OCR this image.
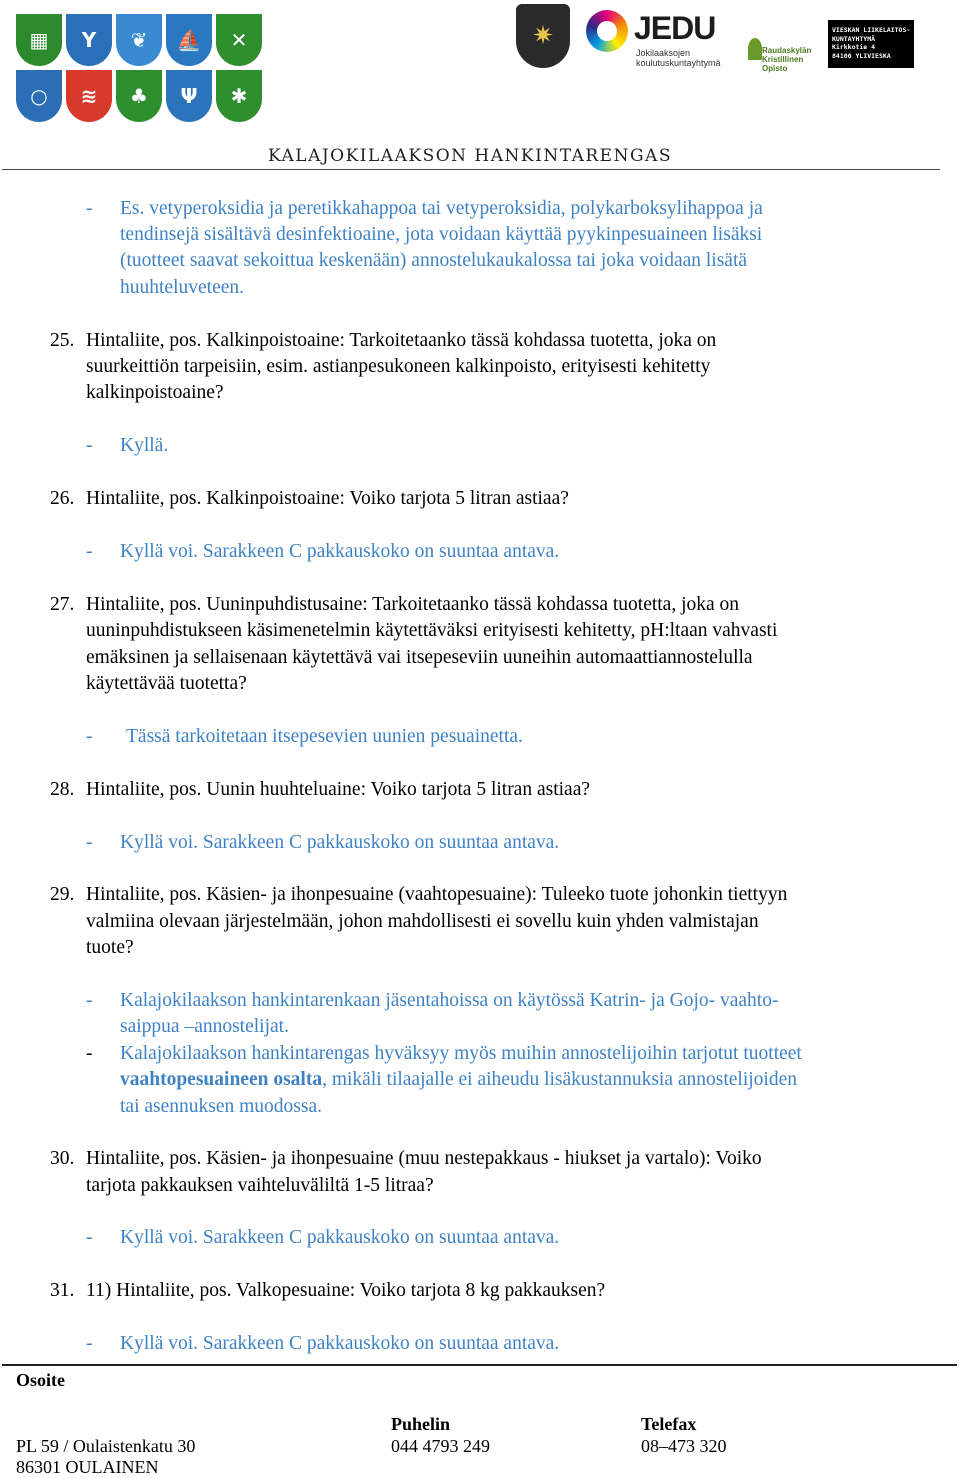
▦	Y	❦	⛵	✕
○	≋	♣	Ψ	✱
✷	JEDU
Jokilaaksojen koulutuskuntayhtymä
Raudaskylän Kristillinen Opisto
VIESKAN LIIKELAITOS-
KUNTAYHTYMÄ
Kirkkotie 4
84100 YLIVIESKA
KALAJOKILAAKSON HANKINTARENGAS
- Es. vetyperoksidia ja peretikkahappoa tai vetyperoksidia, polykarboksylihappoa ja
tendinsejä sisältävä desinfektioaine, jota voidaan käyttää pyykinpesuaineen lisäksi
(tuotteet saavat sekoittua keskenään) annostelukaukalossa tai joka voidaan lisätä
huuhteluveteen.
25. Hintaliite, pos. Kalkinpoistoaine: Tarkoitetaanko tässä kohdassa tuotetta, joka on
suurkeittiön tarpeisiin, esim. astianpesukoneen kalkinpoisto, erityisesti kehitetty
kalkinpoistoaine?
- Kyllä.
26. Hintaliite, pos. Kalkinpoistoaine: Voiko tarjota 5 litran astiaa?
- Kyllä voi. Sarakkeen C pakkauskoko on suuntaa antava.
27. Hintaliite, pos. Uuninpuhdistusaine: Tarkoitetaanko tässä kohdassa tuotetta, joka on
uuninpuhdistukseen käsimenetelmin käytettäväksi erityisesti kehitetty, pH:ltaan vahvasti
emäksinen ja sellaisenaan käytettävä vai itsepeseviin uuneihin automaattiannostelulla
käytettävää tuotetta?
- Tässä tarkoitetaan itsepesevien uunien pesuainetta.
28. Hintaliite, pos. Uunin huuhteluaine: Voiko tarjota 5 litran astiaa?
- Kyllä voi. Sarakkeen C pakkauskoko on suuntaa antava.
29. Hintaliite, pos. Käsien- ja ihonpesuaine (vaahtopesuaine): Tuleeko tuote johonkin tiettyyn
valmiina olevaan järjestelmään, johon mahdollisesti ei sovellu kuin yhden valmistajan
tuote?
- Kalajokilaakson hankintarenkaan jäsentahoissa on käytössä Katrin- ja Gojo- vaahto-
saippua –annostelijat.
- Kalajokilaakson hankintarengas hyväksyy myös muihin annostelijoihin tarjotut tuotteet
vaahtopesuaineen osalta, mikäli tilaajalle ei aiheudu lisäkustannuksia annostelijoiden
tai asennuksen muodossa.
30. Hintaliite, pos. Käsien- ja ihonpesuaine (muu nestepakkaus - hiukset ja vartalo): Voiko
tarjota pakkauksen vaihteluväliltä 1-5 litraa?
- Kyllä voi. Sarakkeen C pakkauskoko on suuntaa antava.
31. 11) Hintaliite, pos. Valkopesuaine: Voiko tarjota 8 kg pakkauksen?
- Kyllä voi. Sarakkeen C pakkauskoko on suuntaa antava.
Osoite
Puhelin	Telefax
PL 59 / Oulaistenkatu 30	044 4793 249	08–473 320
86301 OULAINEN
